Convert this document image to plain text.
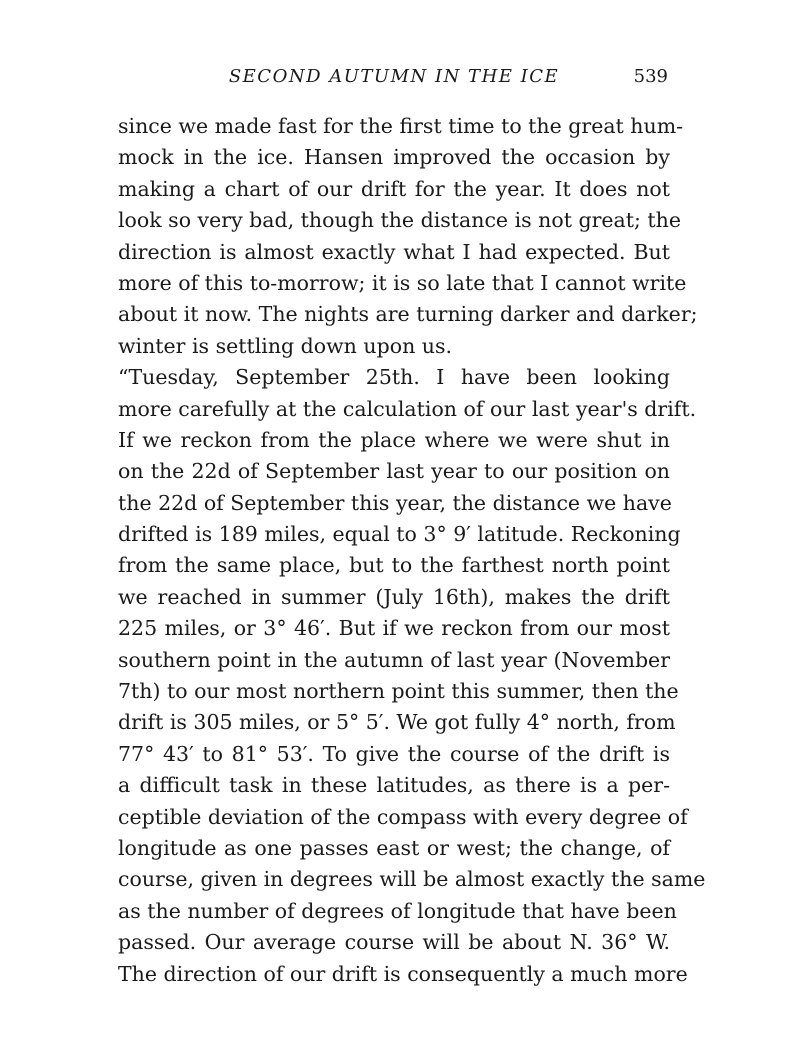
SECOND AUTUMN IN THE ICE	539
since we made fast for the first time to the great hum-
mock in the ice. Hansen improved the occasion by
making a chart of our drift for the year. It does not
look so very bad, though the distance is not great; the
direction is almost exactly what I had expected. But
more of this to-morrow; it is so late that I cannot write
about it now. The nights are turning darker and darker;
winter is settling down upon us.
“Tuesday, September 25th. I have been looking
more carefully at the calculation of our last year's drift.
If we reckon from the place where we were shut in
on the 22d of September last year to our position on
the 22d of September this year, the distance we have
drifted is 189 miles, equal to 3° 9′ latitude. Reckoning
from the same place, but to the farthest north point
we reached in summer (July 16th), makes the drift
225 miles, or 3° 46′. But if we reckon from our most
southern point in the autumn of last year (November
7th) to our most northern point this summer, then the
drift is 305 miles, or 5° 5′. We got fully 4° north, from
77° 43′ to 81° 53′. To give the course of the drift is
a difficult task in these latitudes, as there is a per-
ceptible deviation of the compass with every degree of
longitude as one passes east or west; the change, of
course, given in degrees will be almost exactly the same
as the number of degrees of longitude that have been
passed. Our average course will be about N. 36° W.
The direction of our drift is consequently a much more
